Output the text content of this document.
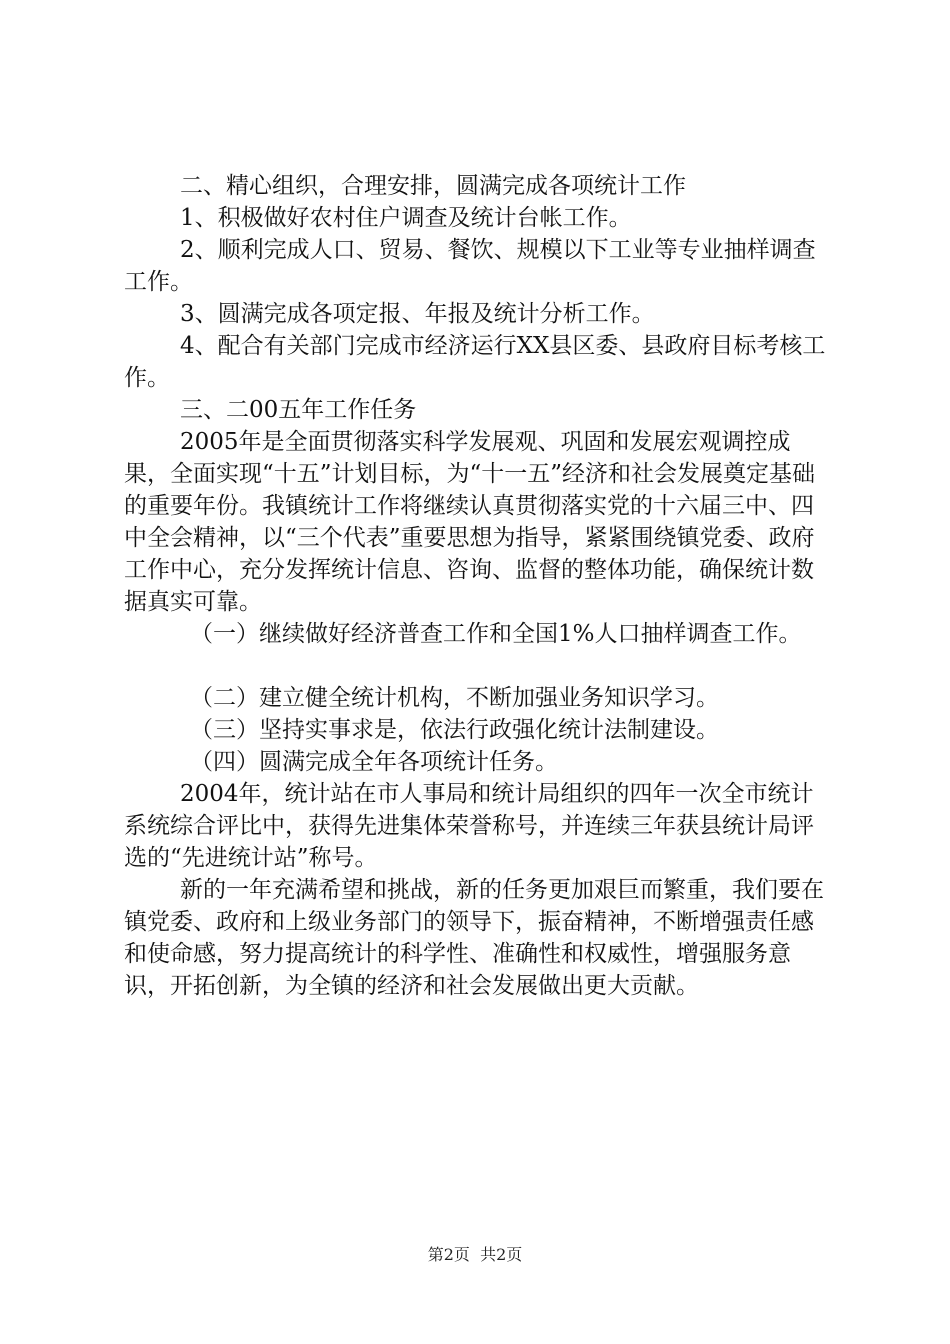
二、精心组织，合理安排，圆满完成各项统计工作

1、积极做好农村住户调查及统计台帐工作。

2、顺利完成人口、贸易、餐饮、规模以下工业等专业抽样调查工作。

3、圆满完成各项定报、年报及统计分析工作。

4、配合有关部门完成市经济运行XX县区委、县政府目标考核工作。

三、二00五年工作任务

2005年是全面贯彻落实科学发展观、巩固和发展宏观调控成果，全面实现“十五”计划目标，为“十一五”经济和社会发展奠定基础的重要年份。我镇统计工作将继续认真贯彻落实党的十六届三中、四中全会精神，以“三个代表”重要思想为指导，紧紧围绕镇党委、政府工作中心，充分发挥统计信息、咨询、监督的整体功能，确保统计数据真实可靠。

（一）继续做好经济普查工作和全国1%人口抽样调查工作。

（二）建立健全统计机构，不断加强业务知识学习。

（三）坚持实事求是，依法行政强化统计法制建设。

（四）圆满完成全年各项统计任务。

2004年，统计站在市人事局和统计局组织的四年一次全市统计系统综合评比中，获得先进集体荣誉称号，并连续三年获县统计局评选的“先进统计站”称号。

新的一年充满希望和挑战，新的任务更加艰巨而繁重，我们要在镇党委、政府和上级业务部门的领导下，振奋精神，不断增强责任感和使命感，努力提高统计的科学性、准确性和权威性，增强服务意识，开拓创新，为全镇的经济和社会发展做出更大贡献。

第2页 共2页
